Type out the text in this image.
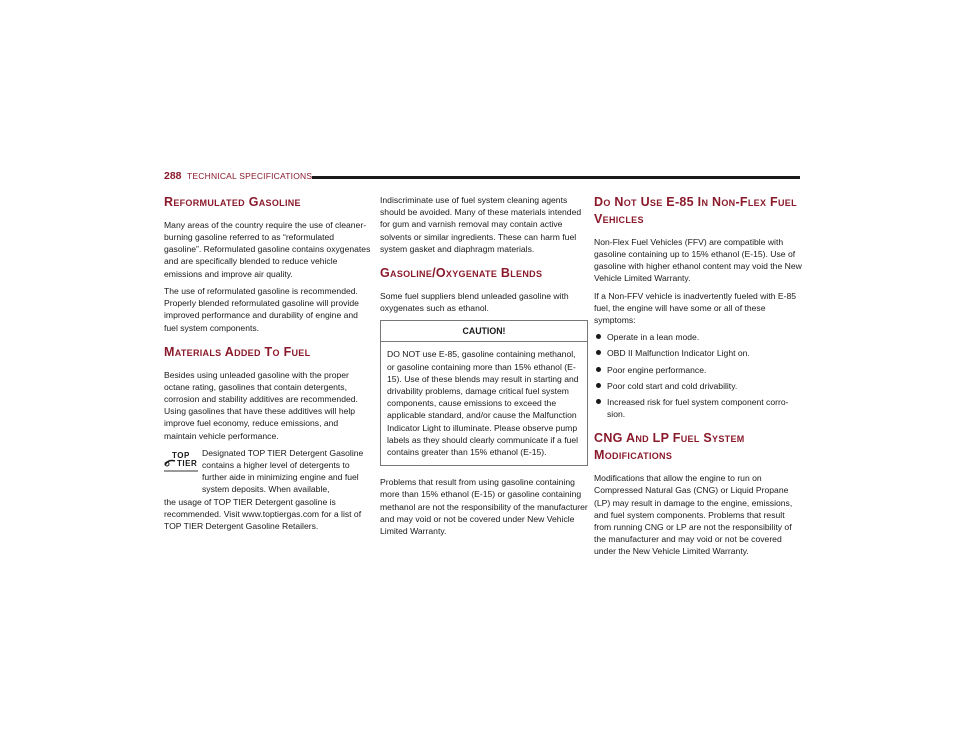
288 TECHNICAL SPECIFICATIONS
Reformulated Gasoline

Many areas of the country require the use of cleaner-burning gasoline referred to as “reformulated gasoline”. Reformulated gasoline contains oxygenates and are specifically blended to reduce vehicle emissions and improve air quality.

The use of reformulated gasoline is recommended. Properly blended reformulated gasoline will provide improved performance and durability of engine and fuel system components.

Materials Added To Fuel

Besides using unleaded gasoline with the proper octane rating, gasolines that contain detergents, corrosion and stability additives are recommended. Using gasolines that have these additives will help improve fuel economy, reduce emissions, and maintain vehicle performance.

TOP
TIER

Designated TOP TIER Detergent Gasoline contains a higher level of detergents to further aide in minimizing engine and fuel system deposits. When available,

the usage of TOP TIER Detergent gasoline is recommended. Visit www.toptiergas.com for a list of TOP TIER Detergent Gasoline Retailers.

Indiscriminate use of fuel system cleaning agents should be avoided. Many of these materials intended for gum and varnish removal may contain active solvents or similar ingredients. These can harm fuel system gasket and diaphragm materials.

Gasoline/Oxygenate Blends

Some fuel suppliers blend unleaded gasoline with oxygenates such as ethanol.

CAUTION!

DO NOT use E-85, gasoline containing methanol, or gasoline containing more than 15% ethanol (E-15). Use of these blends may result in starting and drivability problems, damage critical fuel system components, cause emissions to exceed the applicable standard, and/or cause the Malfunction Indicator Light to illuminate. Please observe pump labels as they should clearly communicate if a fuel contains greater than 15% ethanol (E-15).

Problems that result from using gasoline containing more than 15% ethanol (E-15) or gasoline containing methanol are not the responsibility of the manufacturer and may void or not be covered under New Vehicle Limited Warranty.

Do Not Use E-85 In Non-Flex Fuel Vehicles

Non-Flex Fuel Vehicles (FFV) are compatible with gasoline containing up to 15% ethanol (E-15). Use of gasoline with higher ethanol content may void the New Vehicle Limited Warranty.

If a Non-FFV vehicle is inadvertently fueled with E-85 fuel, the engine will have some or all of these symptoms:

Operate in a lean mode.
OBD II Malfunction Indicator Light on.
Poor engine performance.
Poor cold start and cold drivability.
Increased risk for fuel system component corro-sion.
CNG And LP Fuel System Modifications

Modifications that allow the engine to run on Compressed Natural Gas (CNG) or Liquid Propane (LP) may result in damage to the engine, emissions, and fuel system components. Problems that result from running CNG or LP are not the responsibility of the manufacturer and may void or not be covered under the New Vehicle Limited Warranty.
